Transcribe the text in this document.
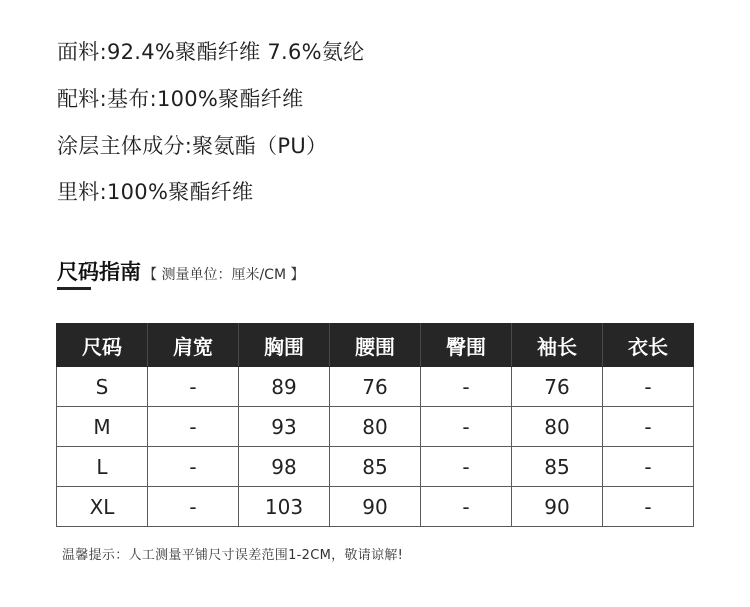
面料:92.4%聚酯纤维 7.6%氨纶
配料:基布:100%聚酯纤维
涂层主体成分:聚氨酯（PU）
里料:100%聚酯纤维
尺码指南 【 测量单位：厘米/CM 】
尺码	肩宽	胸围	腰围	臀围	袖长	衣长
S	-	89	76	-	76	-
M	-	93	80	-	80	-
L	-	98	85	-	85	-
XL	-	103	90	-	90	-
温馨提示：人工测量平铺尺寸误差范围1-2CM，敬请谅解!
